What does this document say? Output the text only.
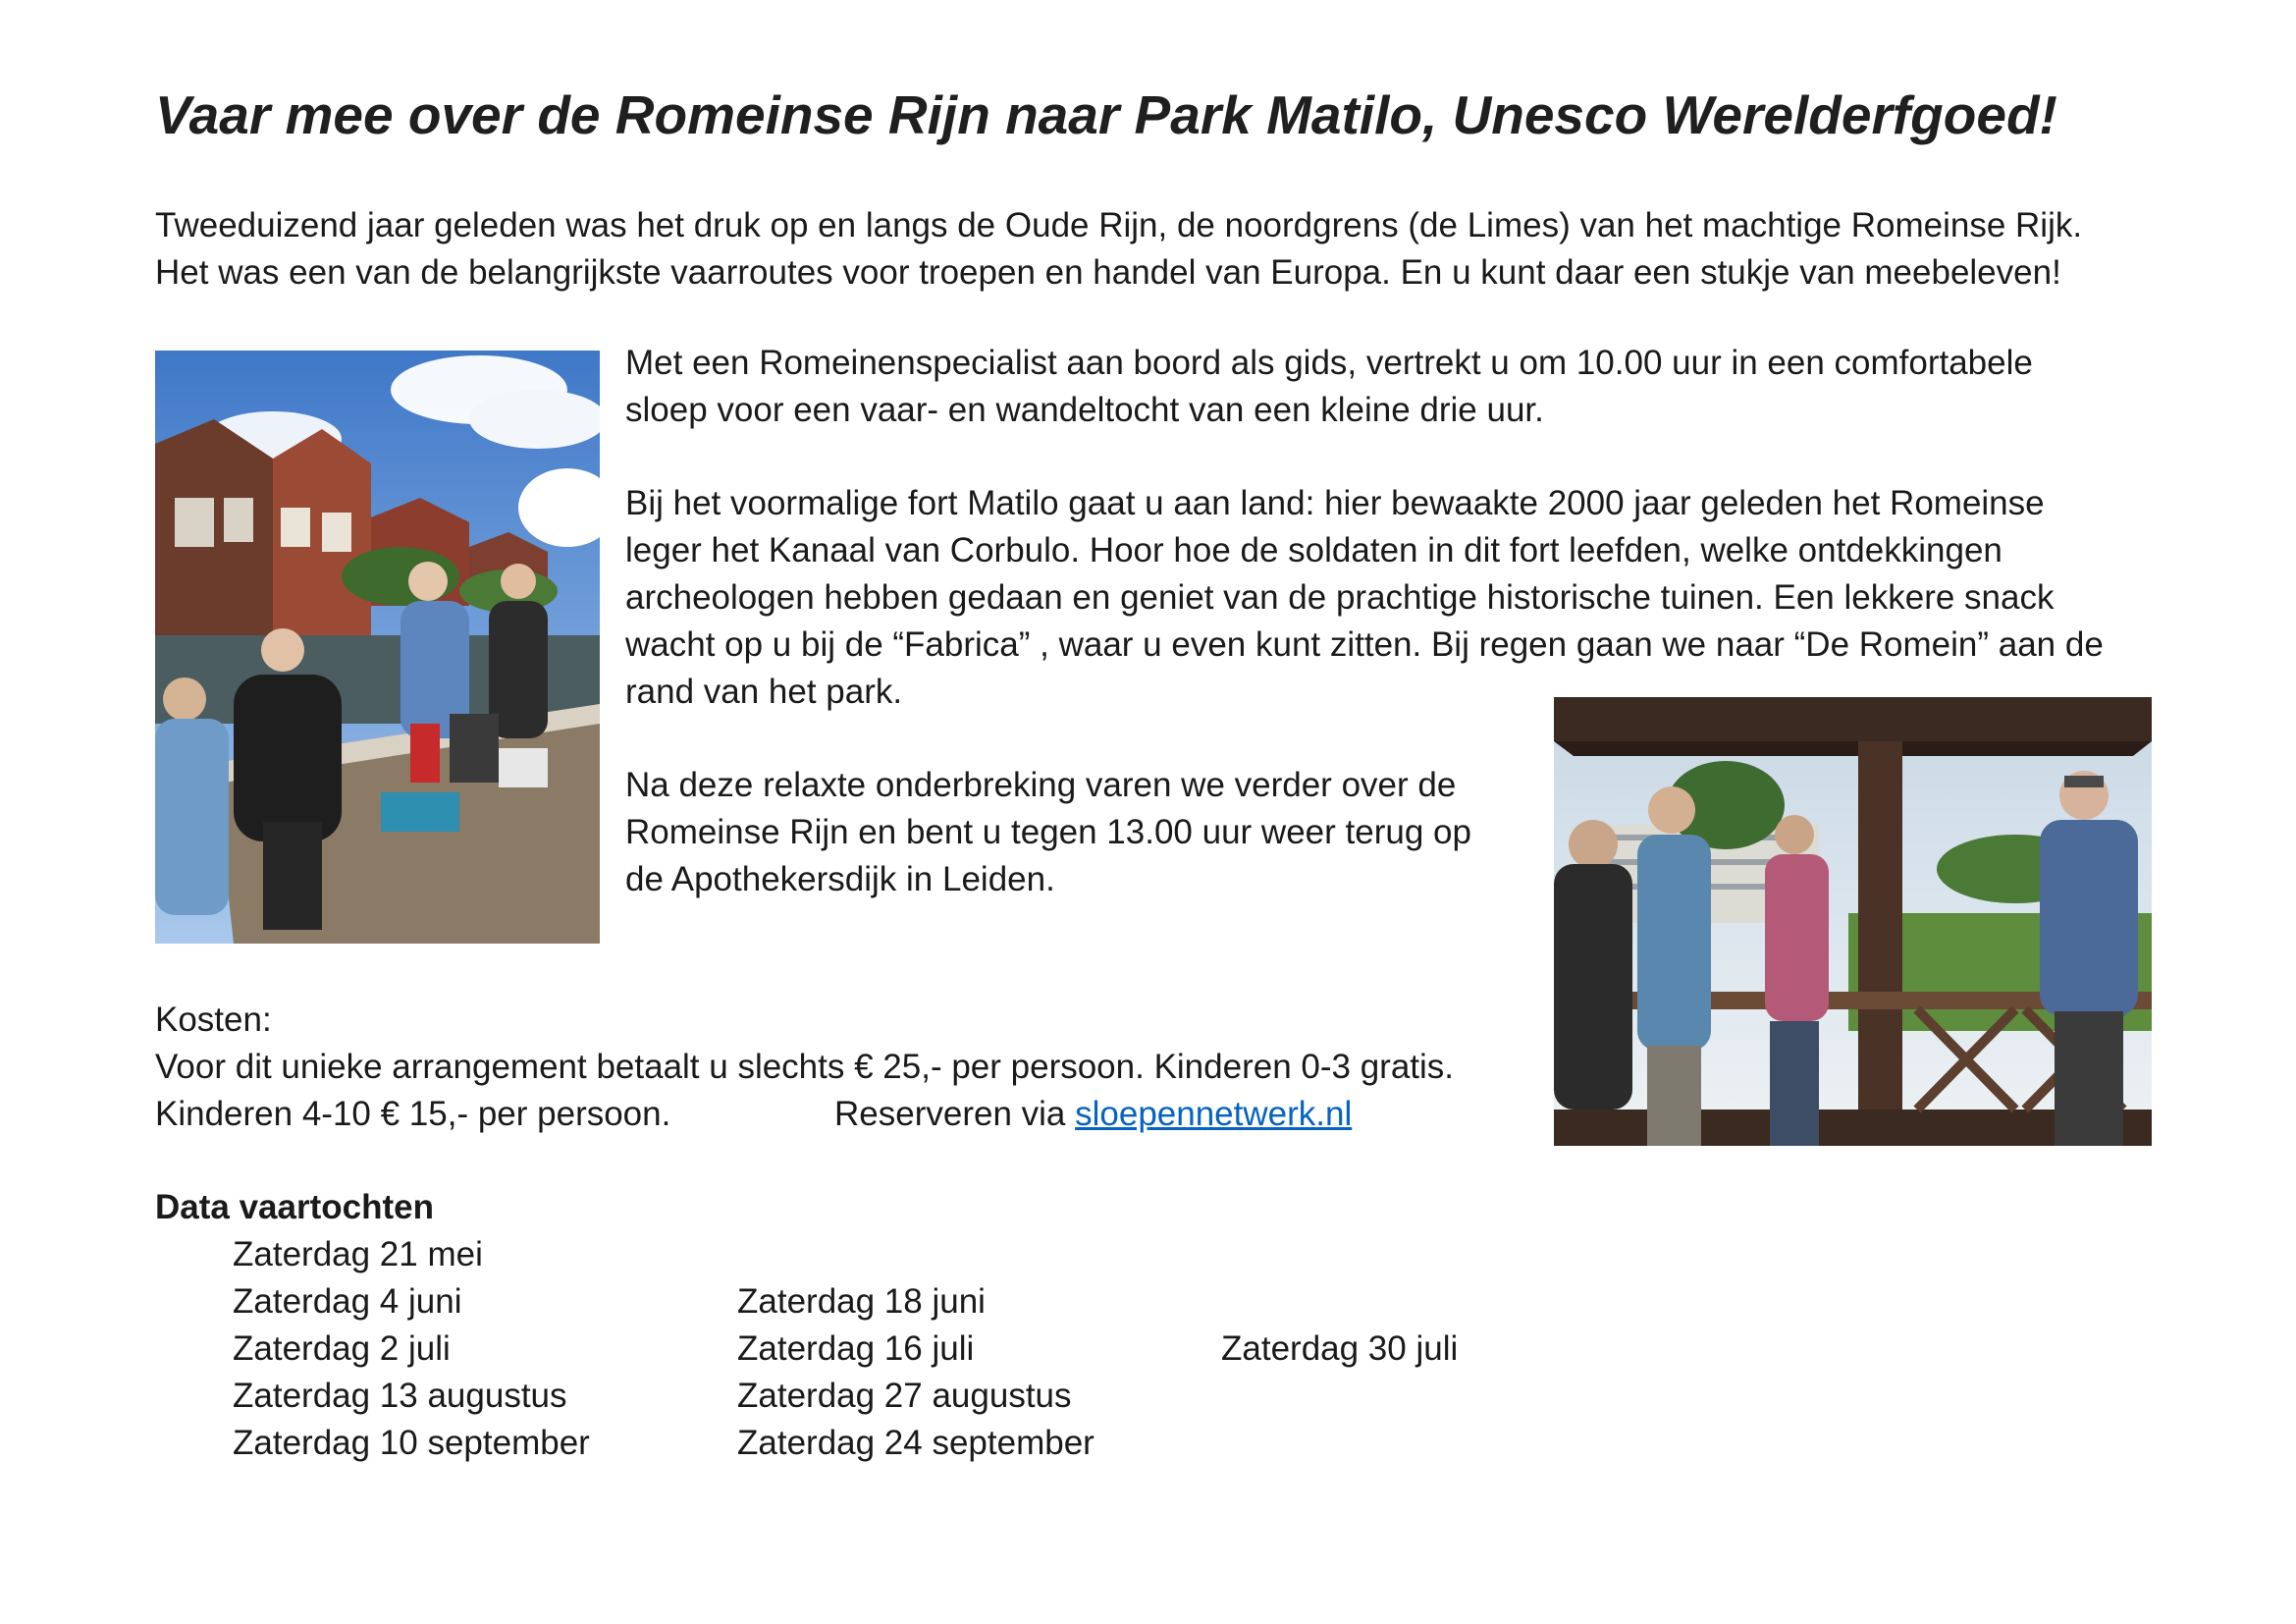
Vaar mee over de Romeinse Rijn naar Park Matilo, Unesco Werelderfgoed!
Tweeduizend jaar geleden was het druk op en langs de Oude Rijn, de noordgrens (de Limes) van het machtige Romeinse Rijk.
Het was een van de belangrijkste vaarroutes voor troepen en handel van Europa. En u kunt daar een stukje van meebeleven!
Met een Romeinenspecialist aan boord als gids, vertrekt u om 10.00 uur in een comfortabele
sloep voor een vaar- en wandeltocht van een kleine drie uur.
Bij het voormalige fort Matilo gaat u aan land: hier bewaakte 2000 jaar geleden het Romeinse
leger het Kanaal van Corbulo. Hoor hoe de soldaten in dit fort leefden, welke ontdekkingen
archeologen hebben gedaan en geniet van de prachtige historische tuinen. Een lekkere snack
wacht op u bij de “Fabrica” , waar u even kunt zitten. Bij regen gaan we naar “De Romein” aan de
rand van het park.
Na deze relaxte onderbreking varen we verder over de
Romeinse Rijn en bent u tegen 13.00 uur weer terug op
de Apothekersdijk in Leiden.
Kosten:
Voor dit unieke arrangement betaalt u slechts € 25,- per persoon. Kinderen 0-3 gratis.
Kinderen 4-10 € 15,- per persoon.	Reserveren via sloepennetwerk.nl
Data vaartochten
Zaterdag 21 mei
Zaterdag 4 juni
Zaterdag 2 juli
Zaterdag 13 augustus
Zaterdag 10 september
Zaterdag 18 juni
Zaterdag 16 juli
Zaterdag 27 augustus
Zaterdag 24 september
Zaterdag 30 juli
